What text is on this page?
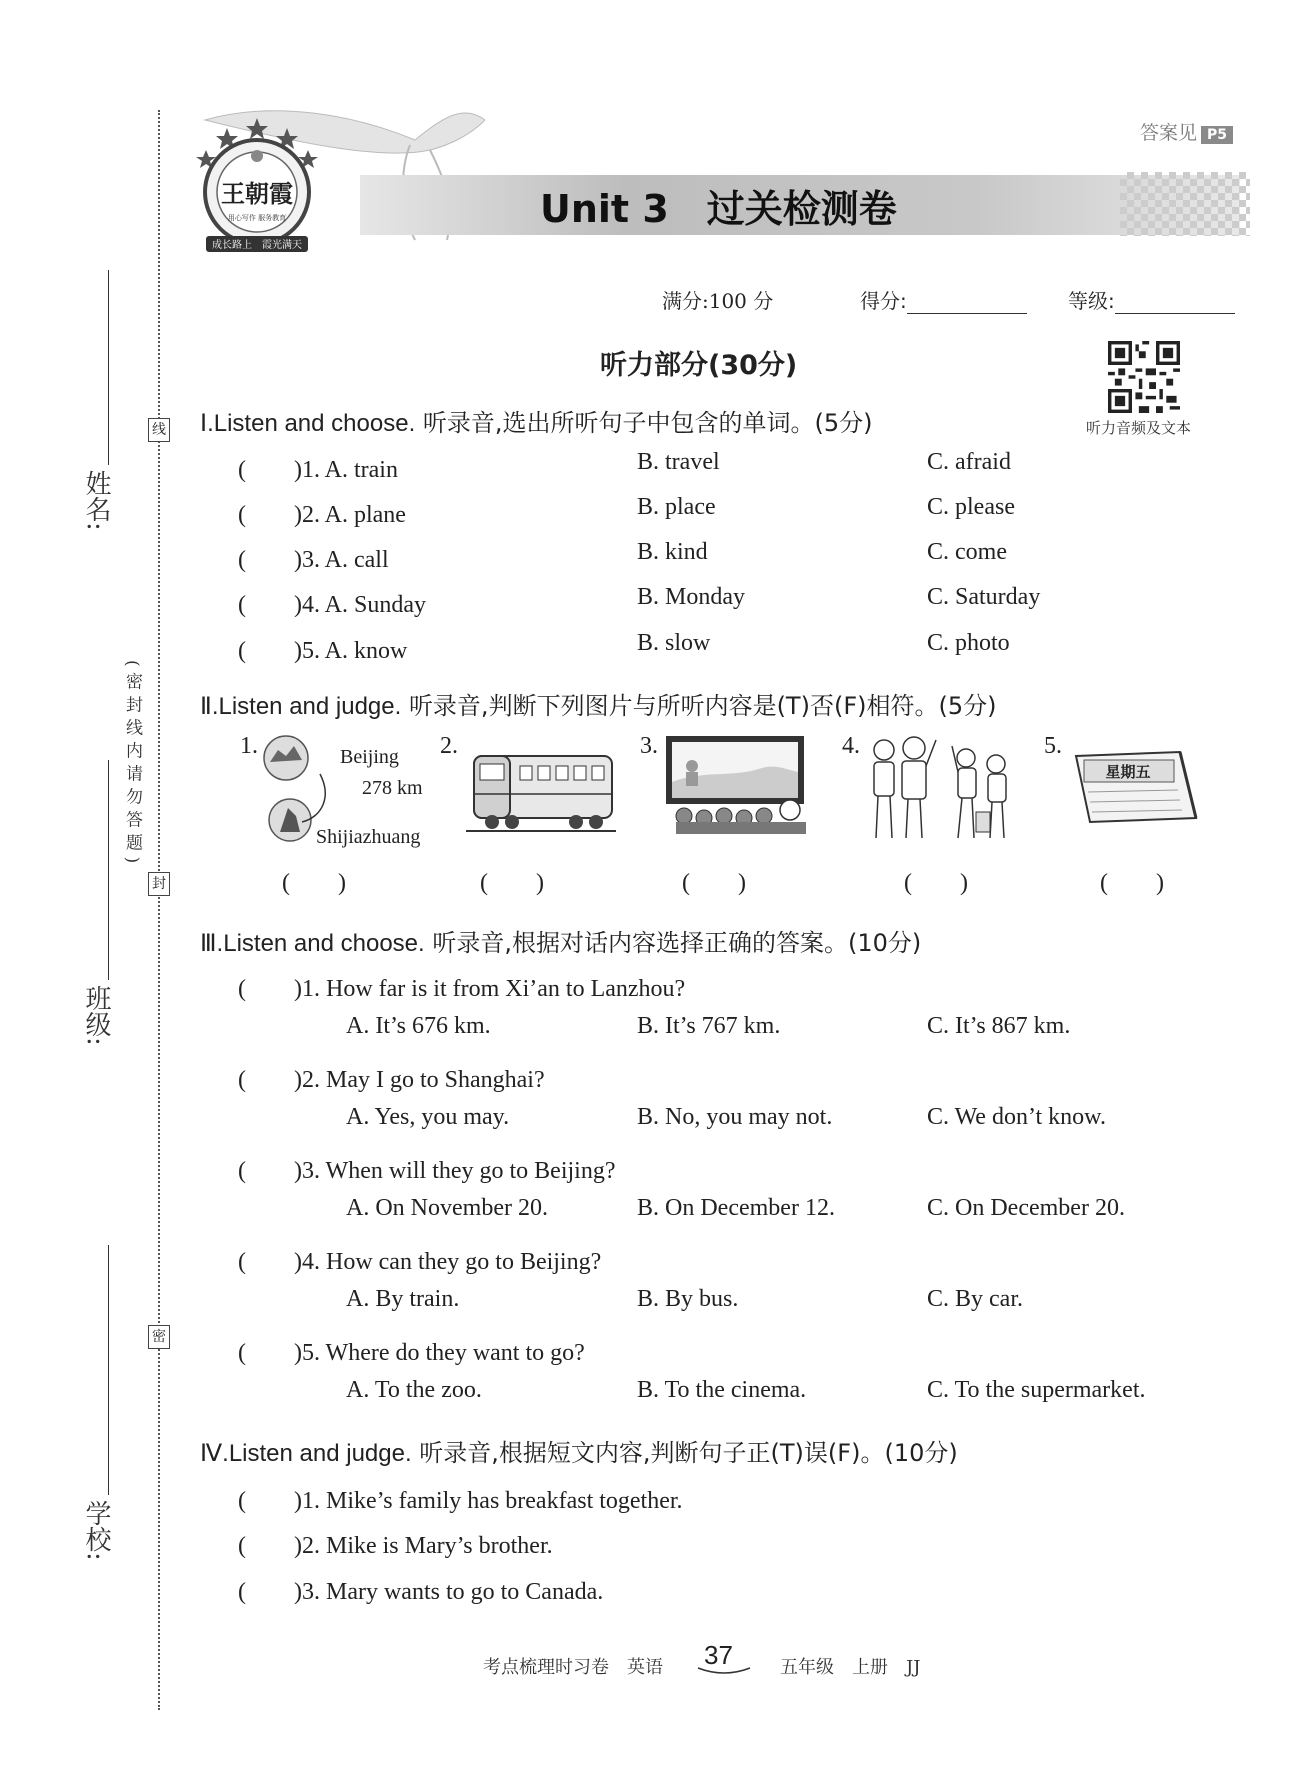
姓名:
班级:
学校:
线
封
密
(密封线内请勿答题)
王朝霞
用心写作 服务教育
成长路上 霞光满天
答案见 P5
Unit 3　过关检测卷
满分:100 分	得分:	等级:
听力部分(30分)
听力音频及文本
Ⅰ.Listen and choose. 听录音,选出所听句子中包含的单词。(5分)
(　　)1. A. train	B. travel	C. afraid
(　　)2. A. plane	B. place	C. please
(　　)3. A. call	B. kind	C. come
(　　)4. A. Sunday	B. Monday	C. Saturday
(　　)5. A. know	B. slow	C. photo
Ⅱ.Listen and judge. 听录音,判断下列图片与所听内容是(T)否(F)相符。(5分)
1.	2.	3.	4.	5.
Beijing
278 km
Shijiazhuang
星期五
(　　)	(　　)	(　　)	(　　)	(　　)
Ⅲ.Listen and choose. 听录音,根据对话内容选择正确的答案。(10分)
(　　)1. How far is it from Xi’an to Lanzhou?
A. It’s 676 km.	B. It’s 767 km.	C. It’s 867 km.
(　　)2. May I go to Shanghai?
A. Yes, you may.	B. No, you may not.	C. We don’t know.
(　　)3. When will they go to Beijing?
A. On November 20.	B. On December 12.	C. On December 20.
(　　)4. How can they go to Beijing?
A. By train.	B. By bus.	C. By car.
(　　)5. Where do they want to go?
A. To the zoo.	B. To the cinema.	C. To the supermarket.
Ⅳ.Listen and judge. 听录音,根据短文内容,判断句子正(T)误(F)。(10分)
(　　)1. Mike’s family has breakfast together.
(　　)2. Mike is Mary’s brother.
(　　)3. Mary wants to go to Canada.
考点梳理时习卷　英语 37	五年级　上册　JJ
